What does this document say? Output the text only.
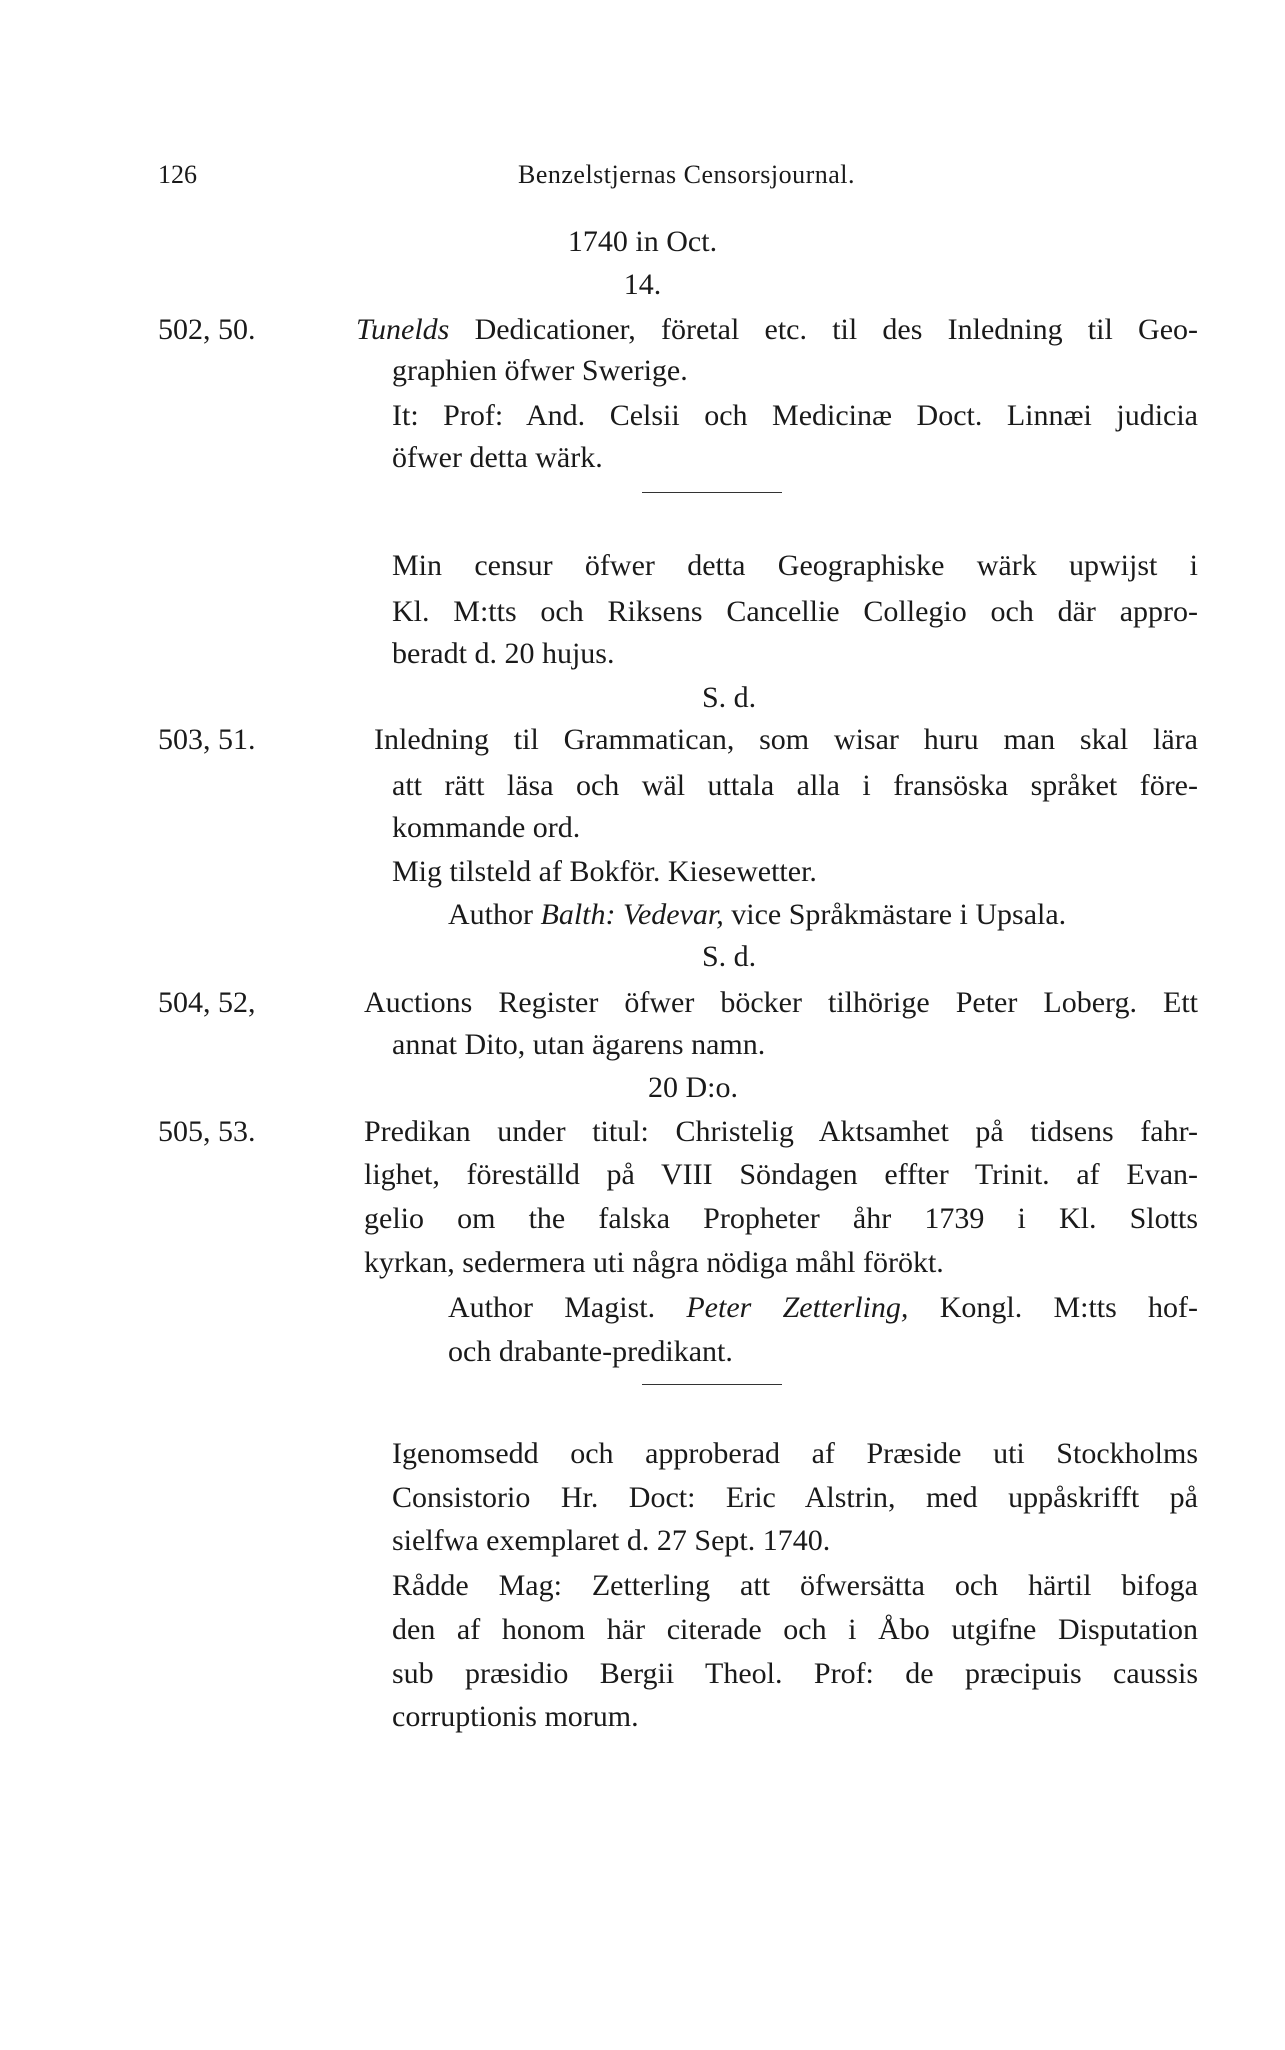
126	Benzelstjernas Censorsjournal.
1740 in Oct.
14.
502, 50.	Tunelds Dedicationer, företal etc. til des Inledning til Geo-
graphien öfwer Swerige.
It: Prof: And. Celsii och Medicinæ Doct. Linnæi judicia
öfwer detta wärk.
Min censur öfwer detta Geographiske wärk upwijst i
Kl. M:tts och Riksens Cancellie Collegio och där appro-
beradt d. 20 hujus.
S. d.
503, 51.	Inledning til Grammatican, som wisar huru man skal lära
att rätt läsa och wäl uttala alla i fransöska språket före-
kommande ord.
Mig tilsteld af Bokför. Kiesewetter.
Author Balth: Vedevar, vice Språkmästare i Upsala.
S. d.
504, 52,	Auctions Register öfwer böcker tilhörige Peter Loberg. Ett
annat Dito, utan ägarens namn.
20 D:o.
505, 53.	Predikan under titul: Christelig Aktsamhet på tidsens fahr-
lighet, föreställd på VIII Söndagen effter Trinit. af Evan-
gelio om the falska Propheter åhr 1739 i Kl. Slotts
kyrkan, sedermera uti några nödiga måhl förökt.
Author Magist. Peter Zetterling, Kongl. M:tts hof-
och drabante-predikant.
Igenomsedd och approberad af Præside uti Stockholms
Consistorio Hr. Doct: Eric Alstrin, med uppåskrifft på
sielfwa exemplaret d. 27 Sept. 1740.
Rådde Mag: Zetterling att öfwersätta och härtil bifoga
den af honom här citerade och i Åbo utgifne Disputation
sub præsidio Bergii Theol. Prof: de præcipuis caussis
corruptionis morum.
